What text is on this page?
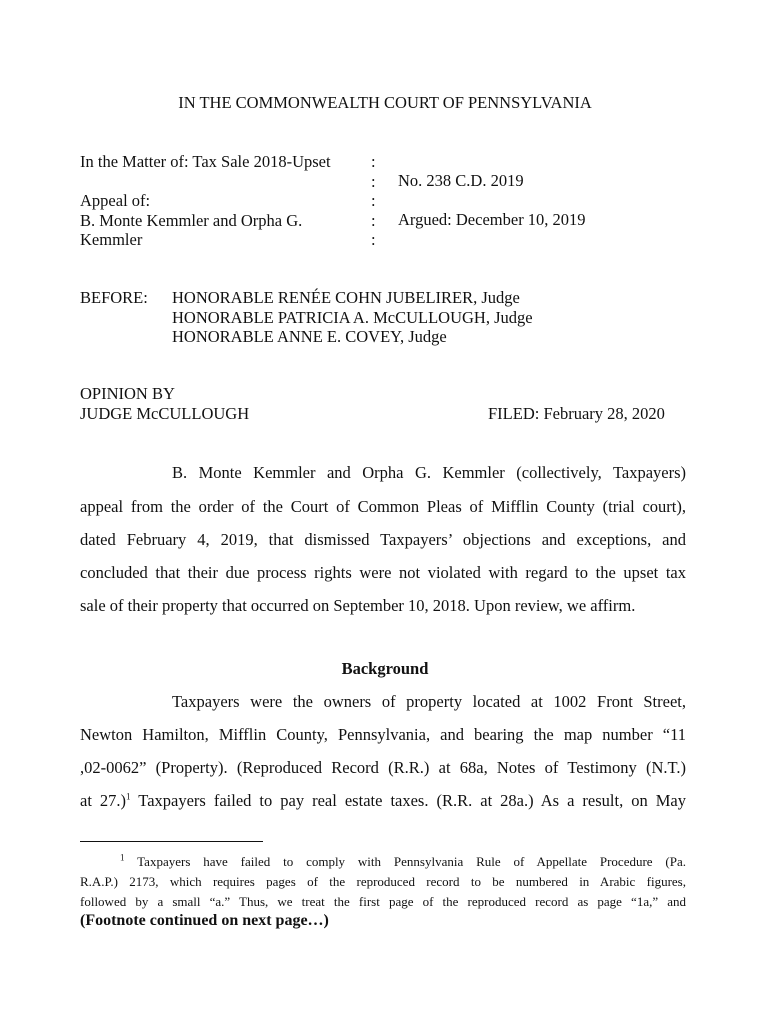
IN THE COMMONWEALTH COURT OF PENNSYLVANIA
In the Matter of: Tax Sale 2018-Upset

Appeal of:
B. Monte Kemmler and Orpha G.
Kemmler
:
:
:
:
:
No. 238 C.D. 2019
Argued: December 10, 2019
BEFORE: HONORABLE RENÉE COHN JUBELIRER, Judge
HONORABLE PATRICIA A. McCULLOUGH, Judge
HONORABLE ANNE E. COVEY, Judge
OPINION BY
JUDGE McCULLOUGH	FILED: February 28, 2020
B. Monte Kemmler and Orpha G. Kemmler (collectively, Taxpayers)
appeal from the order of the Court of Common Pleas of Mifflin County (trial court),
dated February 4, 2019, that dismissed Taxpayers’ objections and exceptions, and
concluded that their due process rights were not violated with regard to the upset tax
sale of their property that occurred on September 10, 2018. Upon review, we affirm.
Background
Taxpayers were the owners of property located at 1002 Front Street,
Newton Hamilton, Mifflin County, Pennsylvania, and bearing the map number “11
,02-0062” (Property). (Reproduced Record (R.R.) at 68a, Notes of Testimony (N.T.)
at 27.)$^1$ Taxpayers failed to pay real estate taxes. (R.R. at 28a.) As a result, on May
$^1$ Taxpayers have failed to comply with Pennsylvania Rule of Appellate Procedure (Pa.
R.A.P.) 2173, which requires pages of the reproduced record to be numbered in Arabic figures,
followed by a small “a.” Thus, we treat the first page of the reproduced record as page “1a,” and
(Footnote continued on next page…)
